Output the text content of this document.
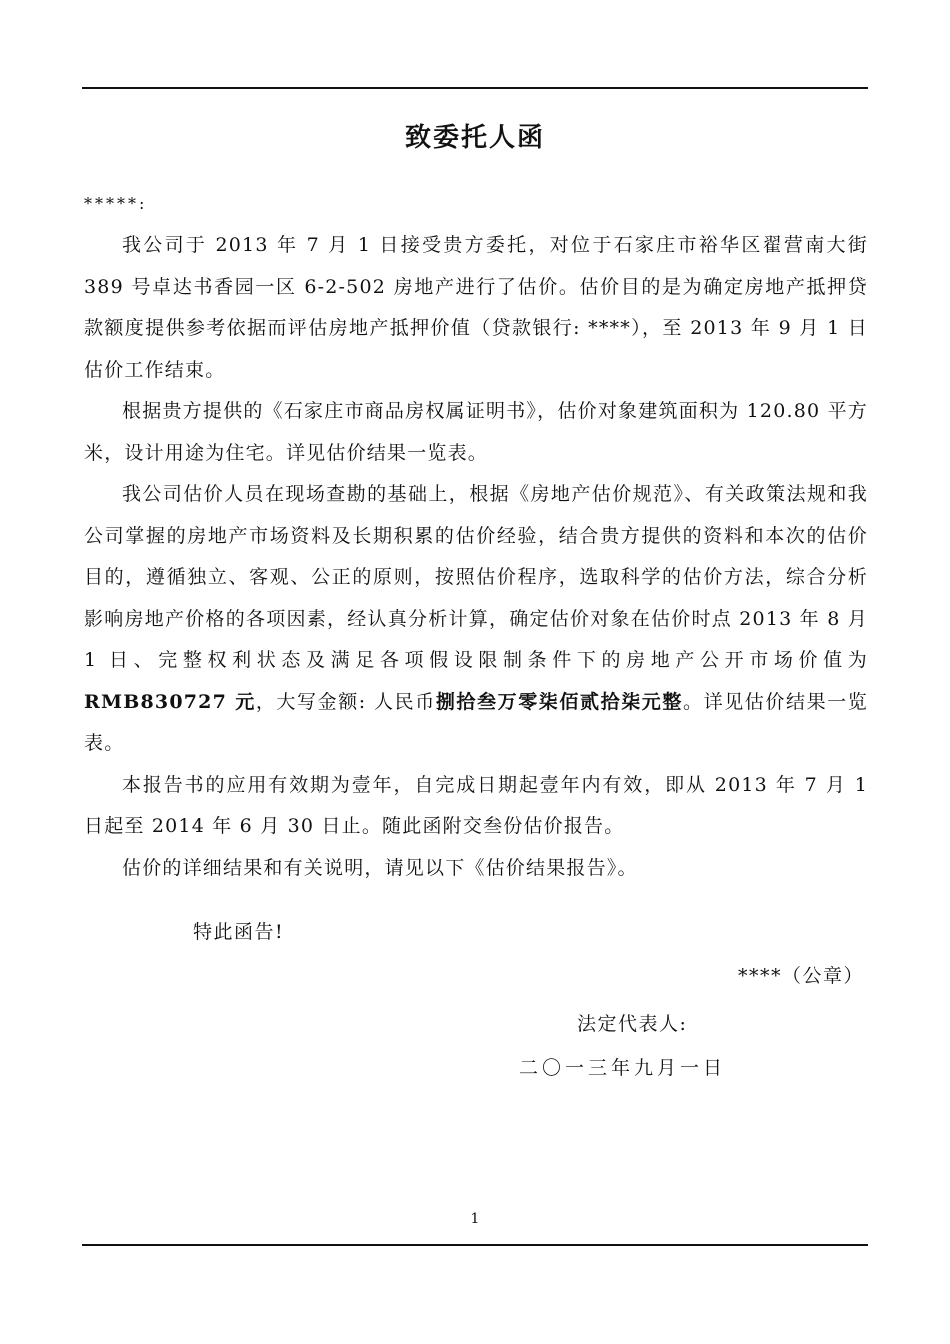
致委托人函
*****:

我公司于 2013 年 7 月 1 日接受贵方委托，对位于石家庄市裕华区翟营南大街 389 号卓达书香园一区 6-2-502 房地产进行了估价。估价目的是为确定房地产抵押贷款额度提供参考依据而评估房地产抵押价值（贷款银行: ****），至 2013 年 9 月 1 日估价工作结束。

根据贵方提供的《石家庄市商品房权属证明书》，估价对象建筑面积为 120.80 平方米，设计用途为住宅。详见估价结果一览表。

我公司估价人员在现场查勘的基础上，根据《房地产估价规范》、有关政策法规和我公司掌握的房地产市场资料及长期积累的估价经验，结合贵方提供的资料和本次的估价目的，遵循独立、客观、公正的原则，按照估价程序，选取科学的估价方法，综合分析影响房地产价格的各项因素，经认真分析计算，确定估价对象在估价时点 2013 年 8 月 1 日、完整权利状态及满足各项假设限制条件下的房地产公开市场价值为RMB830727 元，大写金额: 人民币捌拾叁万零柒佰贰拾柒元整。详见估价结果一览表。

本报告书的应用有效期为壹年，自完成日期起壹年内有效，即从 2013 年 7 月 1 日起至 2014 年 6 月 30 日止。随此函附交叁份估价报告。

估价的详细结果和有关说明，请见以下《估价结果报告》。

特此函告!
****（公章）
法定代表人:
二〇一三年九月一日
1
